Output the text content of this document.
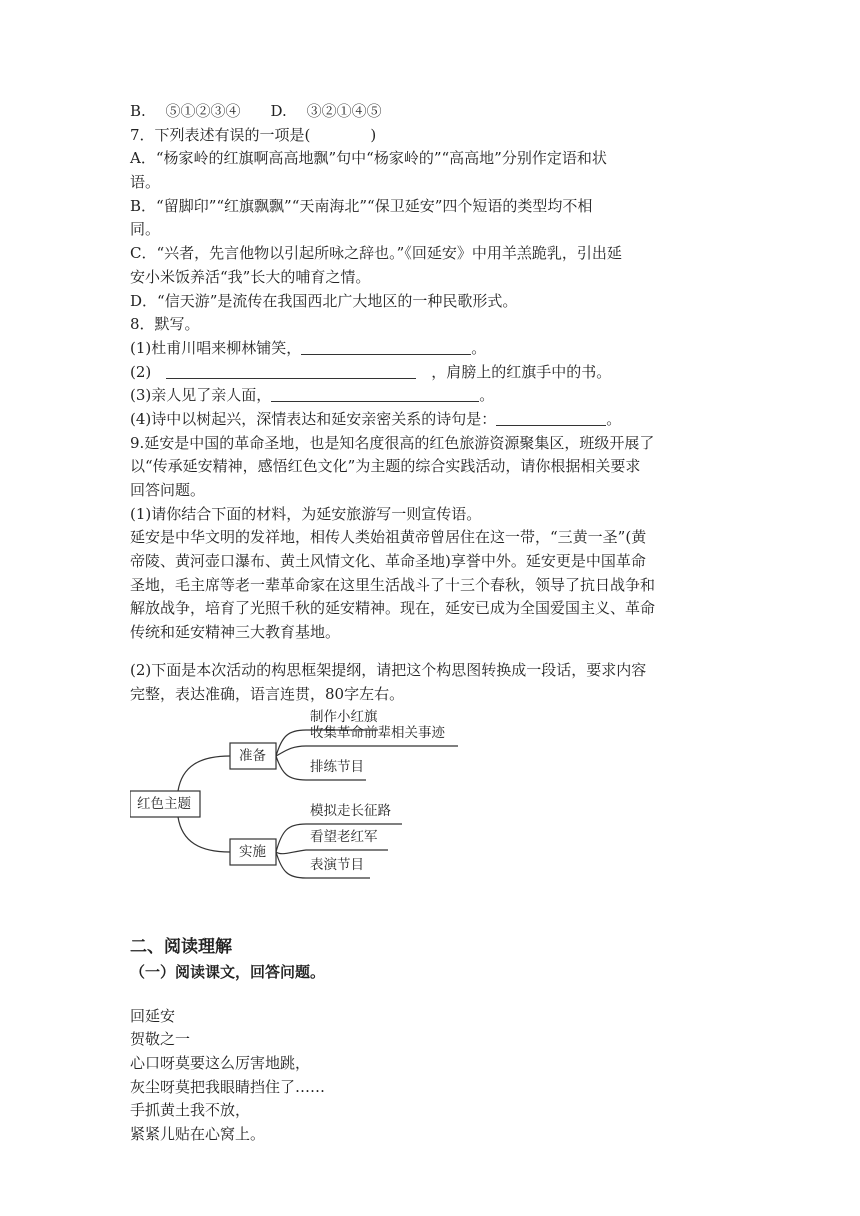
B.　 ⑤①②③④　　D.　 ③②①④⑤

7．下列表述有误的一项是(　　　　)

A．“杨家岭的红旗啊高高地飘”句中“杨家岭的”“高高地”分别作定语和状

语。

B．“留脚印”“红旗飘飘”“天南海北”“保卫延安”四个短语的类型均不相

同。

C．“兴者，先言他物以引起所咏之辞也。”《回延安》中用羊羔跪乳，引出延

安小米饭养活“我”长大的哺育之情。

D．“信天游”是流传在我国西北广大地区的一种民歌形式。

8．默写。

(1)杜甫川唱来柳林铺笑，	。

(2)　	　，肩膀上的红旗手中的书。

(3)亲人见了亲人面，	。

(4)诗中以树起兴，深情表达和延安亲密关系的诗句是：	。

9.延安是中国的革命圣地，也是知名度很高的红色旅游资源聚集区，班级开展了

以“传承延安精神，感悟红色文化”为主题的综合实践活动，请你根据相关要求

回答问题。

(1)请你结合下面的材料，为延安旅游写一则宣传语。

延安是中华文明的发祥地，相传人类始祖黄帝曾居住在这一带，“三黄一圣”(黄

帝陵、黄河壶口瀑布、黄土风情文化、革命圣地)享誉中外。延安更是中国革命

圣地，毛主席等老一辈革命家在这里生活战斗了十三个春秋，领导了抗日战争和

解放战争，培育了光照千秋的延安精神。现在，延安已成为全国爱国主义、革命

传统和延安精神三大教育基地。

(2)下面是本次活动的构思框架提纲，请把这个构思图转换成一段话，要求内容

完整，表达准确，语言连贯，80字左右。

红色主题
准备
实施
制作小红旗
收集革命前辈相关事迹
排练节目
模拟走长征路
看望老红军
表演节目

二、阅读理解

（一）阅读课文，回答问题。

回延安

贺敬之一

心口呀莫要这么厉害地跳，

灰尘呀莫把我眼睛挡住了……

手抓黄土我不放，

紧紧儿贴在心窝上。
